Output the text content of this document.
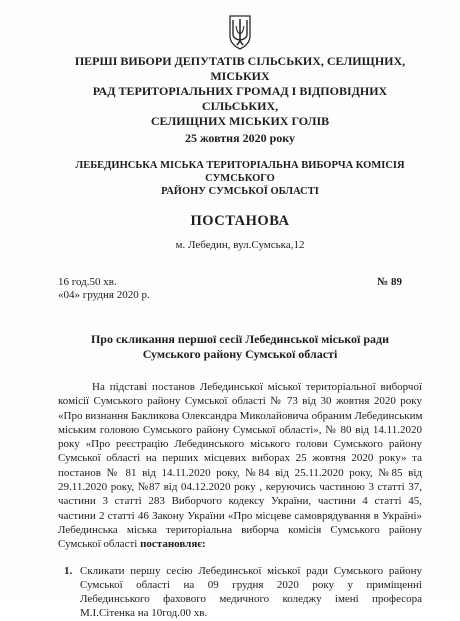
ПЕРШІ ВИБОРИ ДЕПУТАТІВ СІЛЬСЬКИХ, СЕЛИЩНИХ, МІСЬКИХ
РАД ТЕРИТОРІАЛЬНИХ ГРОМАД І ВІДПОВІДНИХ СІЛЬСЬКИХ,
СЕЛИЩНИХ МІСЬКИХ ГОЛІВ
25 жовтня 2020 року
ЛЕБЕДИНСЬКА МІСЬКА ТЕРИТОРІАЛЬНА ВИБОРЧА КОМІСІЯ СУМСЬКОГО
РАЙОНУ СУМСЬКОЇ ОБЛАСТІ
ПОСТАНОВА
м. Лебедин, вул.Сумська,12
16 год.50 хв.
«04» грудня 2020 р.
№ 89
Про скликання першої сесії Лебединської міської ради
Сумського району Сумської області
На підставі постанов Лебединської міської територіальної виборчої
комісії Сумського району Сумської області № 73 від 30 жовтня 2020 року
«Про визнання Бакликова Олександра Миколайовича обраним Лебединським
міським головою Сумського району Сумської області», № 80 від 14.11.2020
року «Про реєстрацію Лебединського міського голови Сумського району
Сумської області на перших місцевих виборах 25 жовтня 2020 року» та
постанов № 81 від 14.11.2020 року, №84 від 25.11.2020 року, №85 від
29.11.2020 року, №87 від 04.12.2020 року , керуючись частиною 3 статті 37,
частини 3 статті 283 Виборчого кодексу України, частини 4 статті 45,
частини 2 статті 46 Закону України «Про місцеве самоврядування в Україні»
Лебединська міська територіальна виборча комісія Сумського району
Сумської області постановляє:
1. Скликати першу сесію Лебединської міської ради Сумського району
Сумської області на 09 грудня 2020 року у приміщенні
Лебединського фахового медичного коледжу імені професора
М.І.Сітенка на 10год.00 хв.
